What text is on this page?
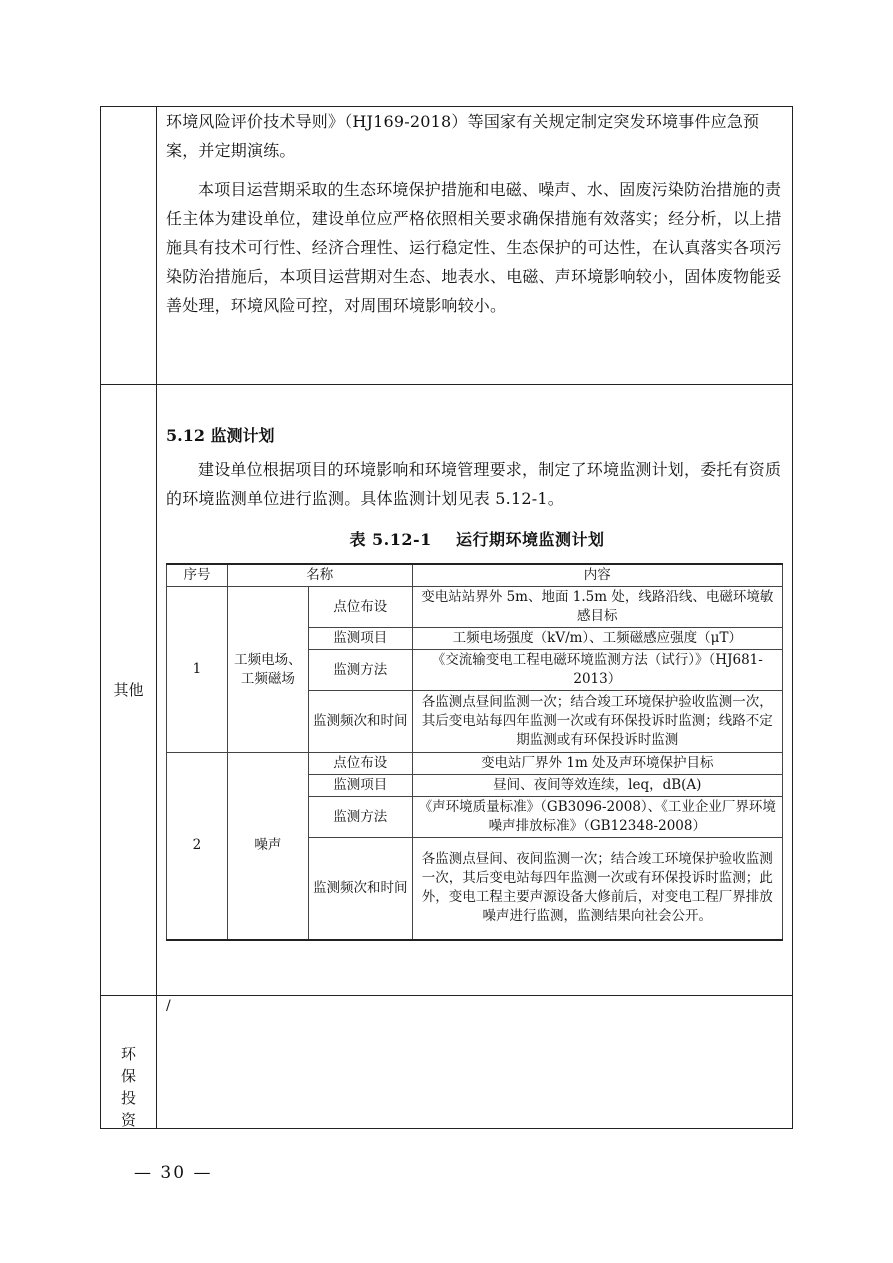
环境风险评价技术导则》（HJ169-2018）等国家有关规定制定突发环境事件应急预案，并定期演练。
本项目运营期采取的生态环境保护措施和电磁、噪声、水、固废污染防治措施的责任主体为建设单位，建设单位应严格依照相关要求确保措施有效落实；经分析，以上措施具有技术可行性、经济合理性、运行稳定性、生态保护的可达性，在认真落实各项污染防治措施后，本项目运营期对生态、地表水、电磁、声环境影响较小，固体废物能妥善处理，环境风险可控，对周围环境影响较小。
其他
5.12 监测计划
建设单位根据项目的环境影响和环境管理要求，制定了环境监测计划，委托有资质的环境监测单位进行监测。具体监测计划见表 5.12-1。
表 5.12-1    运行期环境监测计划
序号	名称		内容
1	工频电场、工频磁场	点位布设	变电站站界外 5m、地面 1.5m 处，线路沿线、电磁环境敏感目标
		监测项目	工频电场强度（kV/m）、工频磁感应强度（μT）
		监测方法	《交流输变电工程电磁环境监测方法（试行）》（HJ681-2013）
		监测频次和时间	各监测点昼间监测一次；结合竣工环境保护验收监测一次，其后变电站每四年监测一次或有环保投诉时监测；线路不定期监测或有环保投诉时监测
2	噪声	点位布设	变电站厂界外 1m 处及声环境保护目标
		监测项目	昼间、夜间等效连续，leq，dB(A)
		监测方法	《声环境质量标准》（GB3096-2008）、《工业企业厂界环境噪声排放标准》（GB12348-2008）
		监测频次和时间	各监测点昼间、夜间监测一次；结合竣工环境保护验收监测一次，其后变电站每四年监测一次或有环保投诉时监测；此外，变电工程主要声源设备大修前后，对变电工程厂界排放噪声进行监测，监测结果向社会公开。
环保投资
/
— 30 —
